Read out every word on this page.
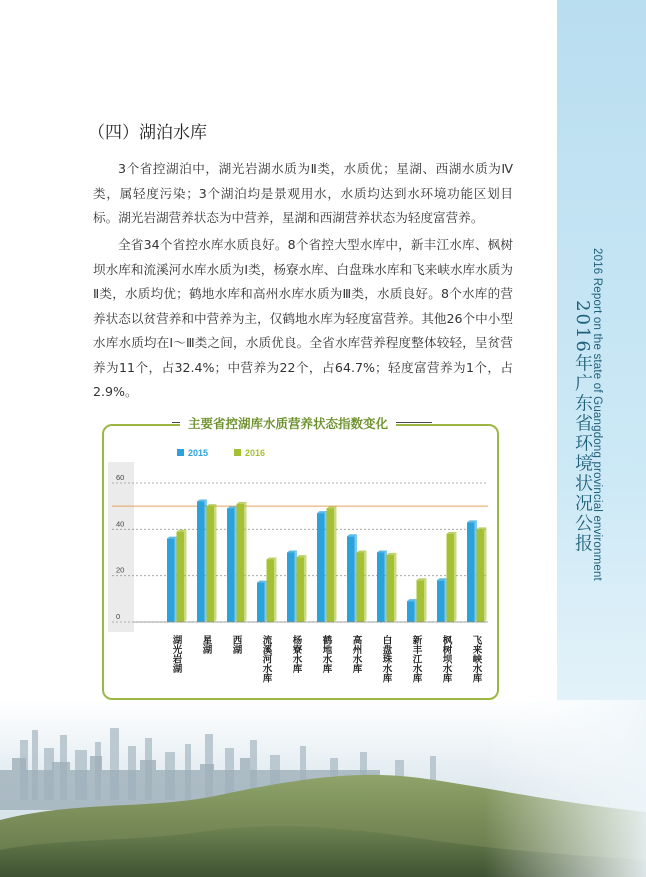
2016 Report on the state of Guangdong provincial environment
2016年广东省环境状况公报
（四）湖泊水库
3个省控湖泊中，湖光岩湖水质为Ⅱ类，水质优；星湖、西湖水质为Ⅳ类，属轻度污染；3个湖泊均是景观用水，水质均达到水环境功能区划目标。湖光岩湖营养状态为中营养，星湖和西湖营养状态为轻度富营养。
全省34个省控水库水质良好。8个省控大型水库中，新丰江水库、枫树坝水库和流溪河水库水质为Ⅰ类，杨寮水库、白盘珠水库和飞来峡水库水质为Ⅱ类，水质均优；鹤地水库和高州水库水质为Ⅲ类，水质良好。8个水库的营养状态以贫营养和中营养为主，仅鹤地水库为轻度富营养。其他26个中小型水库水质均在Ⅰ～Ⅲ类之间，水质优良。全省水库营养程度整体较轻，呈贫营养为11个，占32.4%；中营养为22个，占64.7%；轻度富营养为1个，占2.9%。
主要省控湖库水质营养状态指数变化
2015	2016
0
20
40
60
湖光岩湖 星湖 西湖 流溪河水库 杨寮水库 鹤地水库 高州水库 白盘珠水库 新丰江水库 枫树坝水库 飞来峡水库
